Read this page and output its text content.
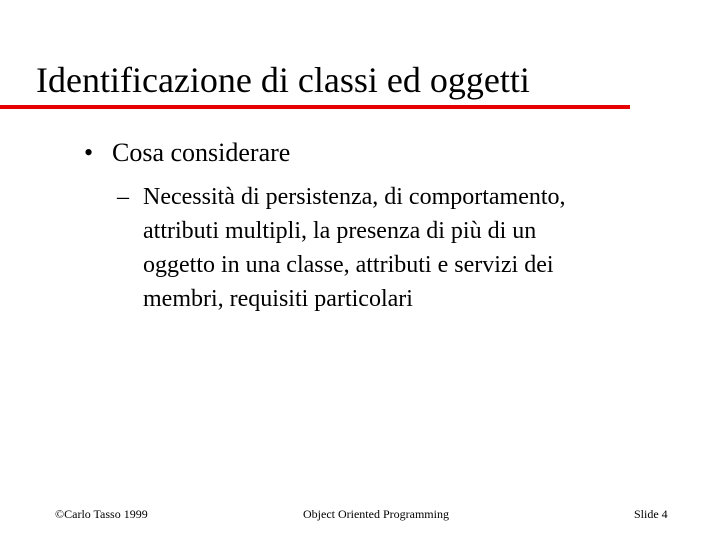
Identificazione di classi ed oggetti
• Cosa considerare
– Necessità di persistenza, di comportamento,
attributi multipli, la presenza di più di un
oggetto in una classe, attributi e servizi dei
membri, requisiti particolari
©Carlo Tasso 1999	Object Oriented Programming	Slide 4
